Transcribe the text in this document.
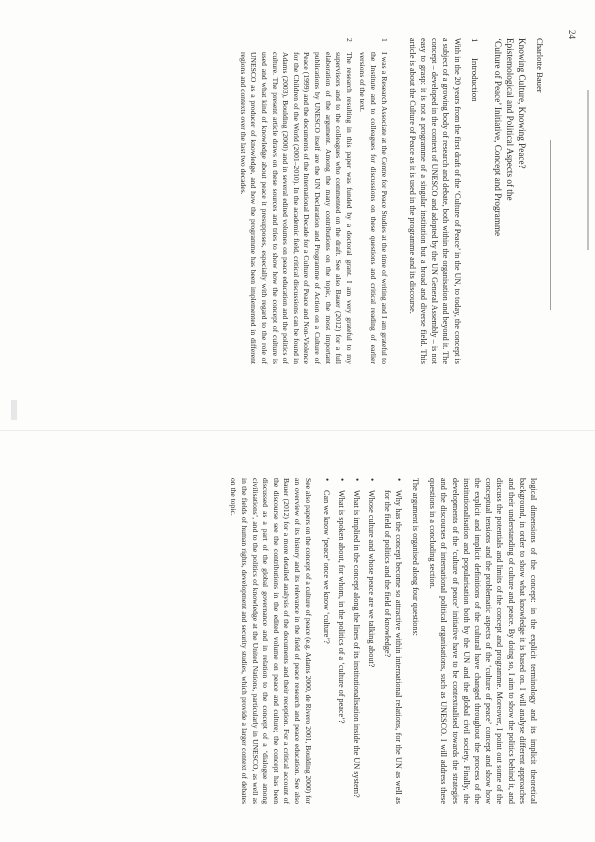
24

Charlotte Bauer

Knowing Culture, Knowing Peace?
Epistemological and Political Aspects of the
‘Culture of Peace’ Initiative, Concept and Programme

1Introduction

With in the 20 years from the first draft of the ‘Culture of Peace’ in the UN, to today, the concept is a subject of a growing body of research and debate, both within the organisation and beyond it. The concept – developed in the context of UNESCO and adopted by the UN General Assembly – is not easy to grasp: it is not a programme of a singular institution but a broad and diverse field. This article is about the Culture of Peace as it is used in the programme and its discourse.

1
I was a Research Associate at the Centre for Peace Studies at the time of writing and I am grateful to the Institute and to colleagues for discussions on these questions and critical reading of earlier versions of the text.
2
The research resulting in this paper was funded by a doctoral grant. I am very grateful to my supervisors and to the colleagues who commented on the draft. See also Bauer (2012) for a full elaboration of the argument. Among the many contributions on the topic, the most important publications by UNESCO itself are the UN Declaration and Programme of Action on a Culture of Peace (1999) and the documents of the International Decade for a Culture of Peace and Non-Violence for the Children of the World (2001–2010). In the academic field, critical discussions can be found in Adams (2003), Boulding (2000) and in several edited volumes on peace education and the politics of culture. The present article draws on these sources and tries to show how the concept of culture is used and what kind of knowledge about peace it presupposes, especially with regard to the role of UNESCO as a producer of knowledge, and how the programme has been implemented in different regions and contexts over the last two decades.

logical dimensions of the concept: in the explicit terminology and its implicit theoretical background, in order to show what knowledge it is based on. I will analyse different approaches and their understanding of culture and peace. By doing so, I aim to show the politics behind it, and discuss the potentials and limits of the concept and programme. Moreover, I point out some of the conceptual tensions and the problematic aspects of the ‘culture of peace’ concept and show how the explicit and implicit definitions of the cultural have changed throughout the process of the institutionalisation and popularisation both by the UN and the global civil society. Finally, the developments of the ‘culture of peace’ initiative have to be contextualised towards the strategies and the discourses of international political organisations, such as UNESCO. I will address these questions in a concluding section.

The argument is organised along four questions:

•
Why has the concept become so attractive within international relations, for the UN as well as for the field of politics and the field of knowledge?
•
Whose culture and whose peace are we talking about?
•
What is implied in the concept along the lines of its institutionalisation inside the UN system?
•
What is spoken about, for whom, in the politics of a ‘culture of peace’?
•
Can we know ‘peace’ once we know ‘culture’?

See also papers on the concept of a culture of peace (e.g. Adams 2000, de Rivero 2001, Boulding 2000) for an overview of its history and its relevance in the field of peace research and peace education. See also Bauer (2012) for a more detailed analysis of the documents and their reception. For a critical account of the discourse see the contributions in the edited volume on peace and culture; the concept has been discussed as a part of the global governance and in relation to the concept of a ‘dialogue among civilisations’, and to the politics of knowledge at the United Nations, particularly in UNESCO, as well as in the fields of human rights, development and security studies, which provide a larger context of debates on the topic.
